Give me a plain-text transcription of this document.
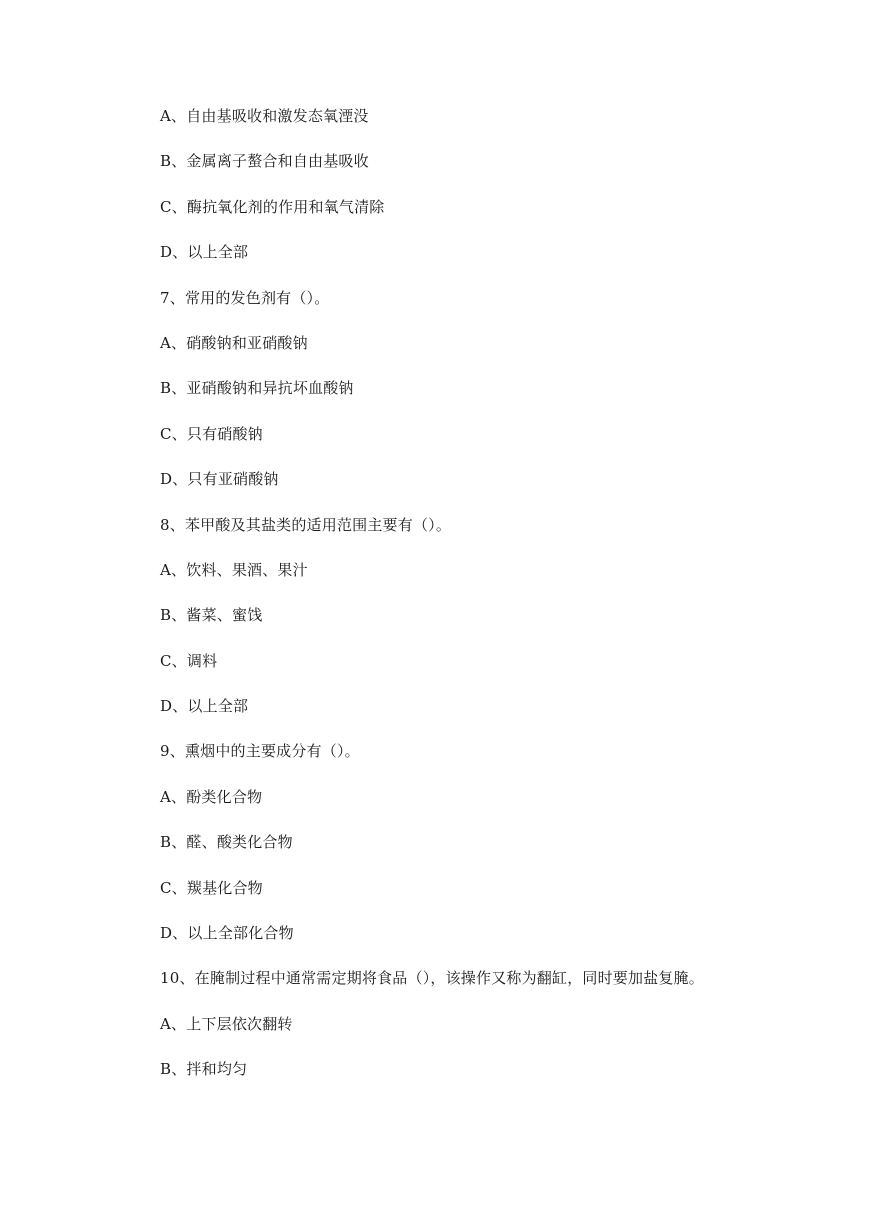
A、自由基吸收和激发态氧湮没
B、金属离子螯合和自由基吸收
C、酶抗氧化剂的作用和氧气清除
D、以上全部
7、常用的发色剂有（）。
A、硝酸钠和亚硝酸钠
B、亚硝酸钠和异抗坏血酸钠
C、只有硝酸钠
D、只有亚硝酸钠
8、苯甲酸及其盐类的适用范围主要有（）。
A、饮料、果酒、果汁
B、酱菜、蜜饯
C、调料
D、以上全部
9、熏烟中的主要成分有（）。
A、酚类化合物
B、醛、酸类化合物
C、羰基化合物
D、以上全部化合物
10、在腌制过程中通常需定期将食品（），该操作又称为翻缸，同时要加盐复腌。
A、上下层依次翻转
B、拌和均匀
